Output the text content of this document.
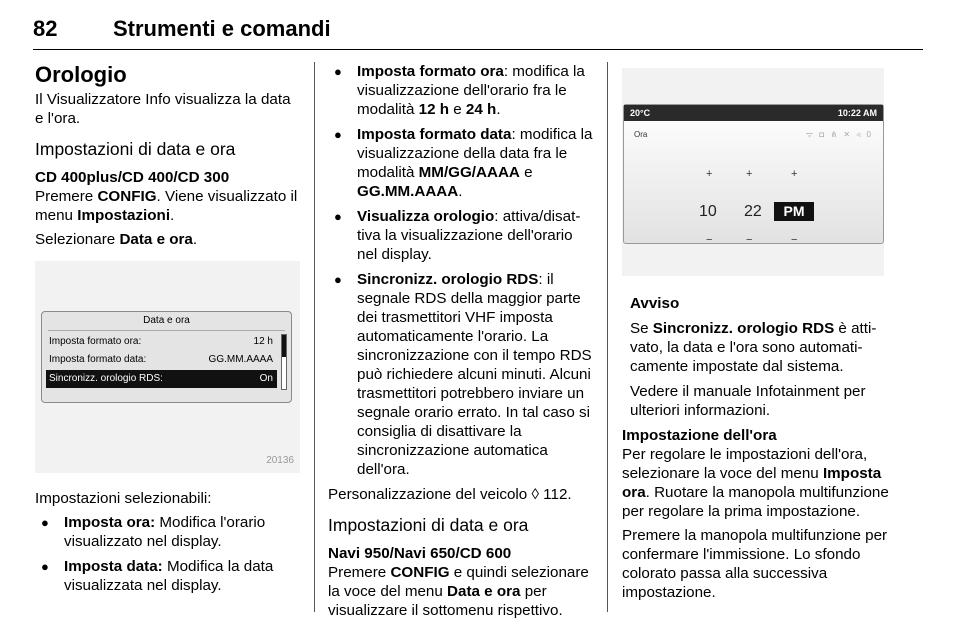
82	Strumenti e comandi
Orologio

Il Visualizzatore Info visualizza la data e l'ora.

Impostazioni di data e ora
CD 400plus/CD 400/CD 300

Premere CONFIG. Viene visualizzato il menu Impostazioni.

Selezionare Data e ora.

Data e ora
Imposta formato ora:	12 h
Imposta formato data:	GG.MM.AAAA
Sincronizz. orologio RDS:	On
20136

Impostazioni selezionabili:

● Imposta ora: Modifica l'orario visualizzato nel display.
● Imposta data: Modifica la data visualizzata nel display.
● Imposta formato ora: modifica la visualizzazione dell'orario fra le modalità 12 h e 24 h.
● Imposta formato data: modifica la visualizzazione della data fra le modalità MM/GG/AAAA e GG.MM.AAAA.
● Visualizza orologio: attiva/disattiva la visualizzazione dell'orario nel display.
● Sincronizz. orologio RDS: il segnale RDS della maggior parte dei trasmettitori VHF imposta automaticamente l'orario. La sincronizzazione con il tempo RDS può richiedere alcuni minuti. Alcuni trasmettitori potrebbero inviare un segnale orario errato. In tal caso si consiglia di disattivare la sincronizzazione automatica dell'ora.

Personalizzazione del veicolo ◊ 112.

Impostazioni di data e ora
Navi 950/Navi 650/CD 600

Premere CONFIG e quindi selezionare la voce del menu Data e ora per visualizzare il sottomenu rispettivo.

20°C	10:22 AM
Ora	ᯤ ◘ ⋔ ✕ ◃ 0
+	+	+
10 22	PM
−	−	−

Avviso

Se Sincronizz. orologio RDS è attivato, la data e l'ora sono automaticamente impostate dal sistema.

Vedere il manuale Infotainment per ulteriori informazioni.

Impostazione dell'ora

Per regolare le impostazioni dell'ora, selezionare la voce del menu Imposta ora. Ruotare la manopola multifunzione per regolare la prima impostazione.

Premere la manopola multifunzione per confermare l'immissione. Lo sfondo colorato passa alla successiva impostazione.
